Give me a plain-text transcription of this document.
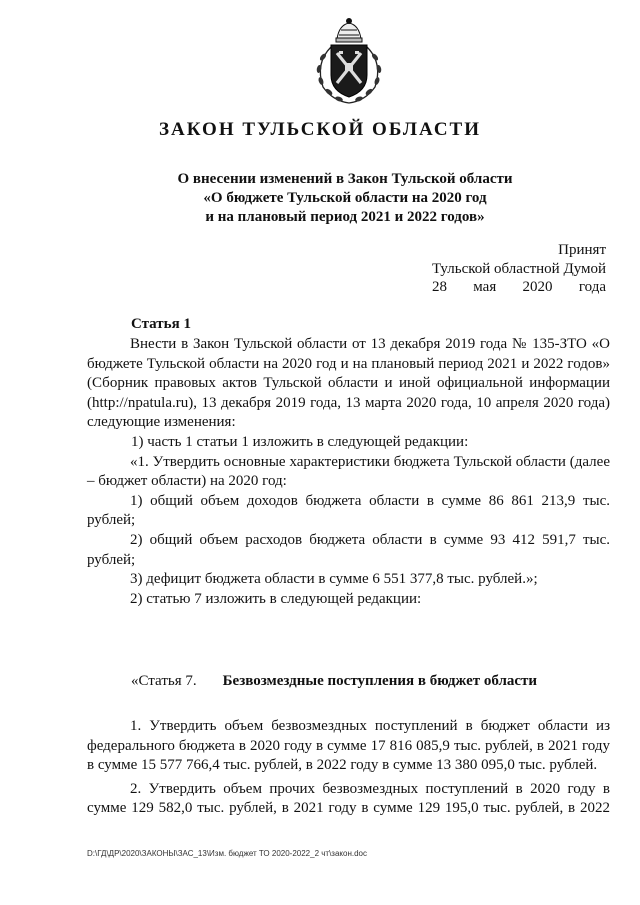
ЗАКОН ТУЛЬСКОЙ ОБЛАСТИ
О внесении изменений в Закон Тульской области
«О бюджете Тульской области на 2020 год
и на плановый период 2021 и 2022 годов»
Принят
Тульской областной Думой
28 мая 2020 года
Статья 1

Внести в Закон Тульской области от 13 декабря 2019 года № 135-ЗТО «О бюджете Тульской области на 2020 год и на плановый период 2021 и 2022 годов» (Сборник правовых актов Тульской области и иной официальной информации (http://npatula.ru), 13 декабря 2019 года, 13 марта 2020 года, 10 апреля 2020 года) следующие изменения:

1) часть 1 статьи 1 изложить в следующей редакции:

«1. Утвердить основные характеристики бюджета Тульской области (далее – бюджет области) на 2020 год:

1) общий объем доходов бюджета области в сумме 86 861 213,9 тыс. рублей;

2) общий объем расходов бюджета области в сумме 93 412 591,7 тыс. рублей;

3) дефицит бюджета области в сумме 6 551 377,8 тыс. рублей.»;

2) статью 7 изложить в следующей редакции:

«Статья 7. Безвозмездные поступления в бюджет области

1. Утвердить объем безвозмездных поступлений в бюджет области из федерального бюджета в 2020 году в сумме 17 816 085,9 тыс. рублей, в 2021 году в сумме 15 577 766,4 тыс. рублей, в 2022 году в сумме 13 380 095,0 тыс. рублей.

2. Утвердить объем прочих безвозмездных поступлений в 2020 году в сумме 129 582,0 тыс. рублей, в 2021 году в сумме 129 195,0 тыс. рублей, в 2022

D:\ГД\ДР\2020\ЗАКОНЫ\ЗАС_13\Изм. бюджет ТО 2020-2022_2 чт\закон.doc
